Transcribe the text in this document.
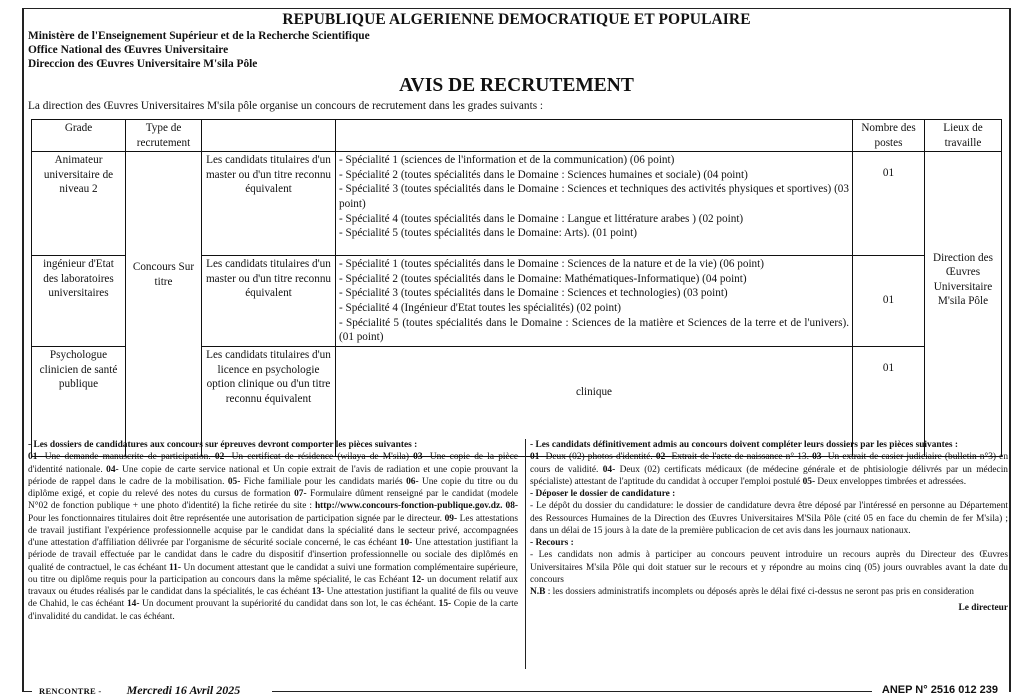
REPUBLIQUE ALGERIENNE DEMOCRATIQUE ET POPULAIRE
Ministère de l'Enseignement Supérieur et de la Recherche Scientifique
Office National des Œuvres Universitaire
Direccion des Œuvres Universitaire M'sila Pôle
AVIS DE RECRUTEMENT
La direction des Œuvres Universitaires M'sila pôle organise un concours de recrutement dans les grades suivants :
Grade	Type de recrutement			Nombre des postes	Lieux de travaille
Animateur universitaire de niveau 2	Concours Sur titre	Les candidats titulaires d'un master ou d'un titre reconnu équivalent	- Spécialité 1 (sciences de l'information et de la communication) (06 point)
- Spécialité 2 (toutes spécialités dans le Domaine : Sciences humaines et sociale) (04 point)
- Spécialité 3 (toutes spécialités dans le Domaine : Sciences et techniques des activités physiques et sportives) (03 point)
- Spécialité 4 (toutes spécialités dans le Domaine : Langue et littérature arabes ) (02 point)
- Spécialité 5 (toutes spécialités dans le Domaine: Arts). (01 point)	01	Direction des Œuvres Universitaire M'sila Pôle
ingénieur d'Etat des laboratoires universitaires		Les candidats titulaires d'un master ou d'un titre reconnu équivalent	- Spécialité 1 (toutes spécialités dans le Domaine : Sciences de la nature et de la vie) (06 point)
- Spécialité 2 (toutes spécialités dans le Domaine: Mathématiques-Informatique) (04 point)
- Spécialité 3 (toutes spécialités dans le Domaine : Sciences et technologies) (03 point)
- Spécialité 4 (Ingénieur d'Etat toutes les spécialités) (02 point)
- Spécialité 5 (toutes spécialités dans le Domaine : Sciences de la matière et Sciences de la terre et de l'univers).(01 point)	01	
Psychologue clinicien de santé publique		Les candidats titulaires d'un licence en psychologie option clinique ou d'un titre reconnu équivalent	clinique	01	
- Les dossiers de candidatures aux concours sur épreuves devront comporter les pièces suivantes :
01- Une demande manuscrite de participation. 02- Un certificat de résidence (wilaya de M'sila) 03- Une copie de la pièce d'identité nationale. 04- Une copie de carte service national et Un copie extrait de l'avis de radiation et une copie prouvant la période de rappel dans le cadre de la mobilisation. 05- Fiche familiale pour les candidats mariés 06- Une copie du titre ou du diplôme exigé, et copie du relevé des notes du cursus de formation 07- Formulaire dûment renseigné par le candidat (modele N°02 de fonction publique + une photo d'identité) la fiche retirée du site : http://www.concours-fonction-publique.gov.dz. 08- Pour les fonctionnaires titulaires doit être représentée une autorisation de participation signée par le directeur. 09- Les attestations de travail justifiant l'expérience professionnelle acquise par le candidat dans la spécialité dans le secteur privé, accompagnées d'une attestation d'affiliation délivrée par l'organisme de sécurité sociale concerné, le cas échéant 10- Une attestation justifiant la période de travail effectuée par le candidat dans le cadre du dispositif d'insertion professionnelle ou sociale des diplômés en qualité de contractuel, le cas échéant 11- Un document attestant que le candidat a suivi une formation complémentaire supérieure, ou titre ou diplôme requis pour la participation au concours dans la même spécialité, le cas Echéant 12- un document relatif aux travaux ou études réalisés par le candidat dans la spécialités, le cas échéant 13- Une attestation justifiant la qualité de fils ou veuve de Chahid, le cas échéant 14- Un document prouvant la supériorité du candidat dans son lot, le cas échéant. 15- Copie de la carte d'invalidité du candidat. le cas échéant.
- Les candidats définitivement admis au concours doivent compléter leurs dossiers par les pièces suivantes :
01- Deux (02) photos d'identité. 02- Extrait de l'acte de naissance n° 13. 03- Un extrait de casier judiciaire (bulletin n°3) en cours de validité. 04- Deux (02) certificats médicaux (de médecine générale et de phtisiologie délivrés par un médecin spécialiste) attestant de l'aptitude du candidat à occuper l'emploi postulé 05- Deux enveloppes timbrées et adressées.
- Déposer le dossier de candidature :
- Le dépôt du dossier du candidature: le dossier de candidature devra être déposé par l'intéressé en personne au Département des Ressources Humaines de la Direction des Œuvres Universitaires M'Sila Pôle (cité 05 en face du chemin de fer M'sila) ; dans un délai de 15 jours à la date de la première publicacion de cet avis dans les journaux nationaux.
- Recours :
- Les candidats non admis à participer au concours peuvent introduire un recours auprès du Directeur des Œuvres Universitaires M'sila Pôle qui doit statuer sur le recours et y répondre au moins cinq (05) jours ouvrables avant la date du concours
N.B : les dossiers administratifs incomplets ou déposés après le délai fixé ci-dessus ne seront pas pris en consideration
Le directeur
RENCONTRE - Mercredi 16 Avril 2025	ANEP N° 2516 012 239
